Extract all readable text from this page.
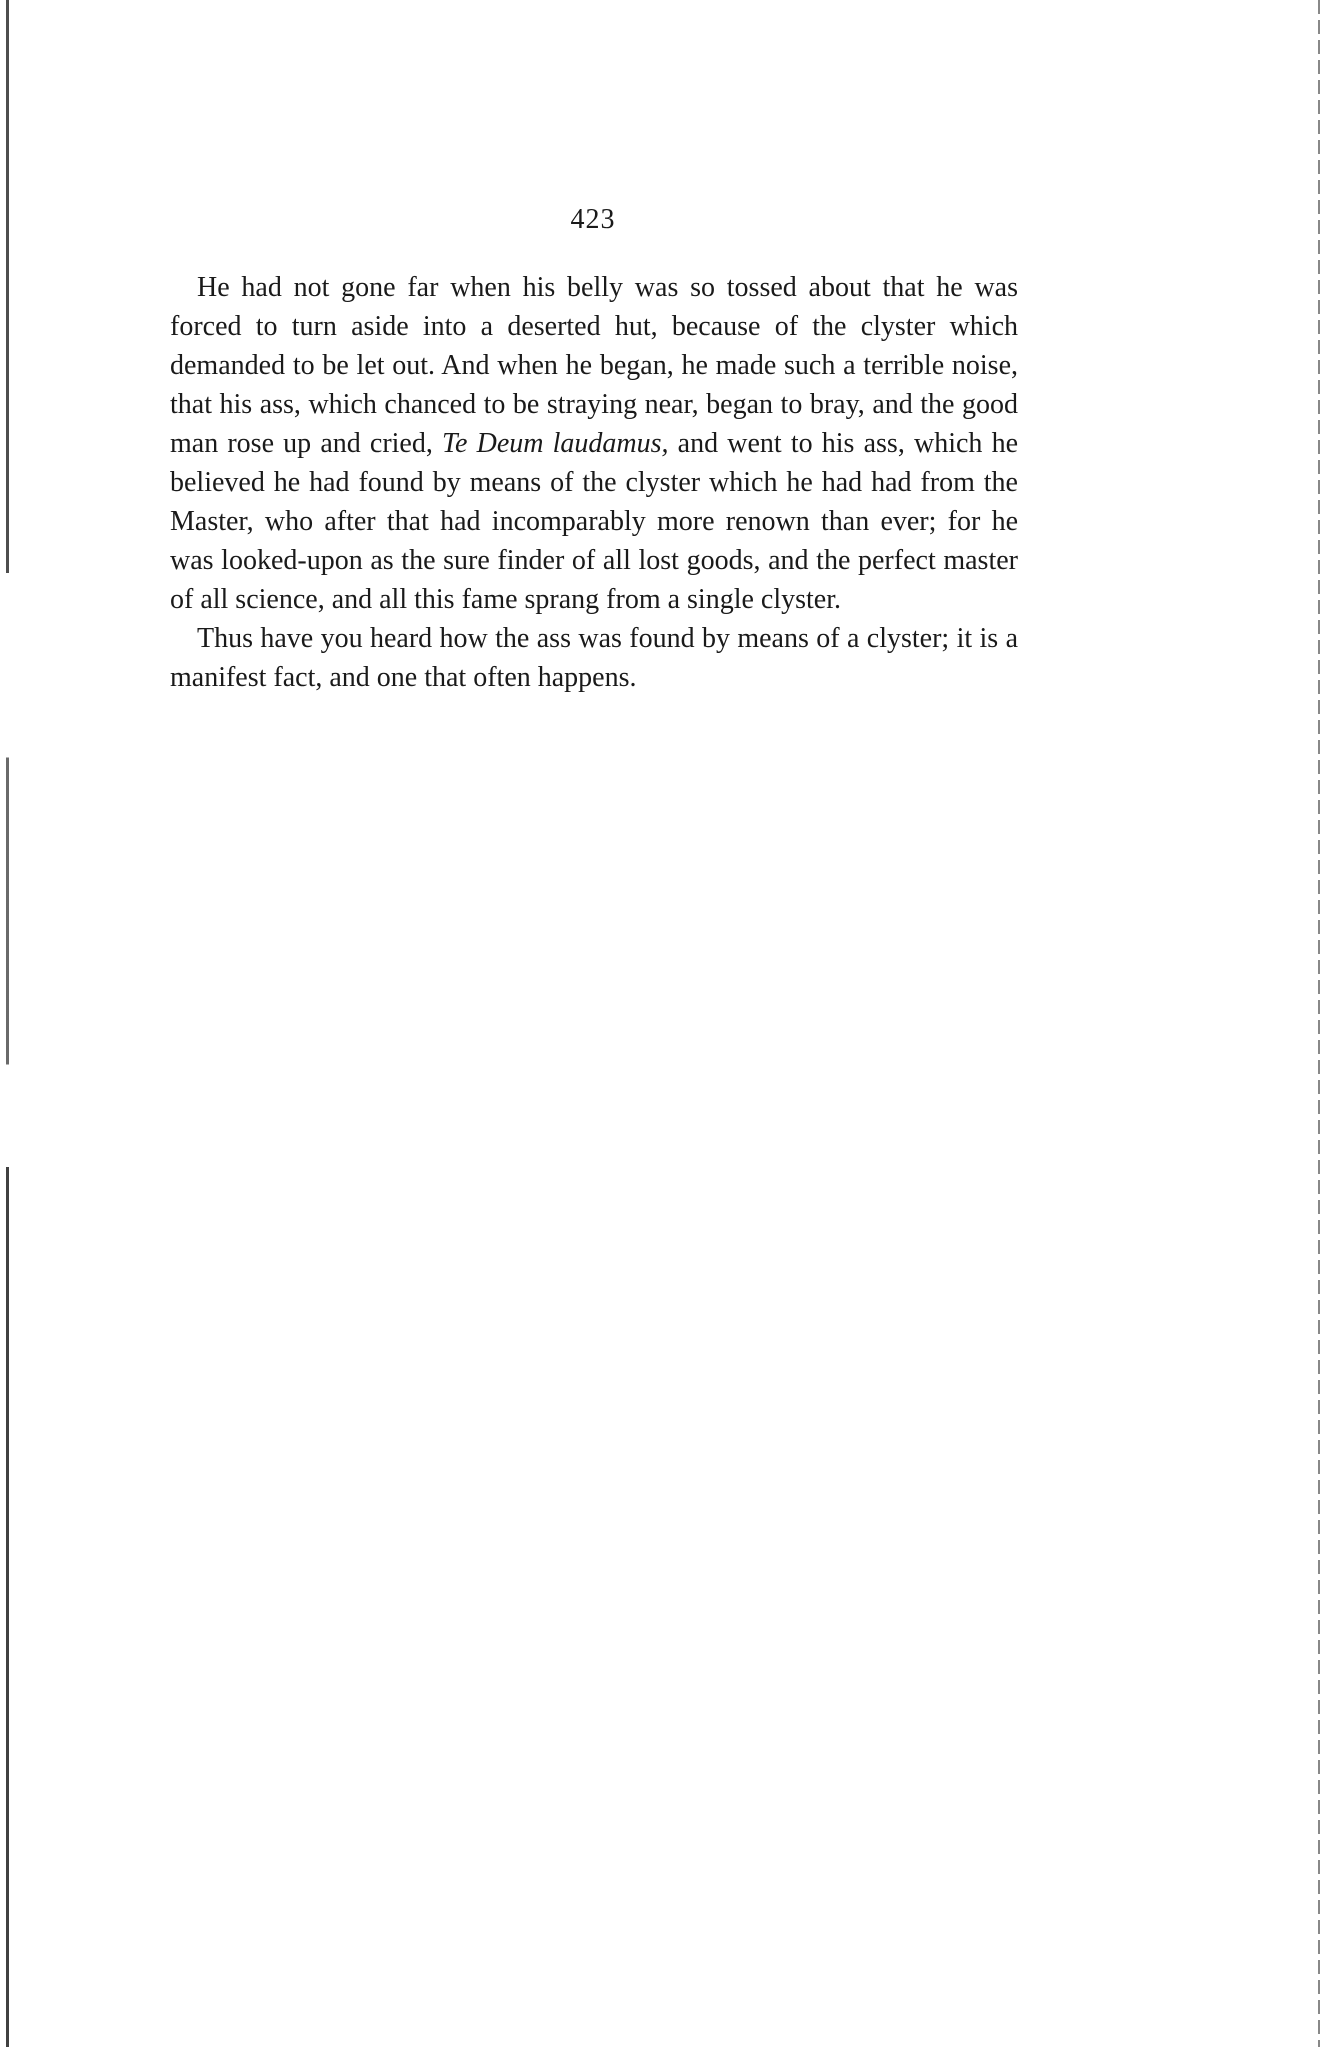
423

He had not gone far when his belly was so tossed about that he was forced to turn aside into a deserted hut, because of the clyster which demanded to be let out. And when he began, he made such a terrible noise, that his ass, which chanced to be straying near, began to bray, and the good man rose up and cried, Te Deum laudamus, and went to his ass, which he believed he had found by means of the clyster which he had had from the Master, who after that had incomparably more renown than ever; for he was looked-upon as the sure finder of all lost goods, and the perfect master of all science, and all this fame sprang from a single clyster.

Thus have you heard how the ass was found by means of a clyster; it is a manifest fact, and one that often happens.
